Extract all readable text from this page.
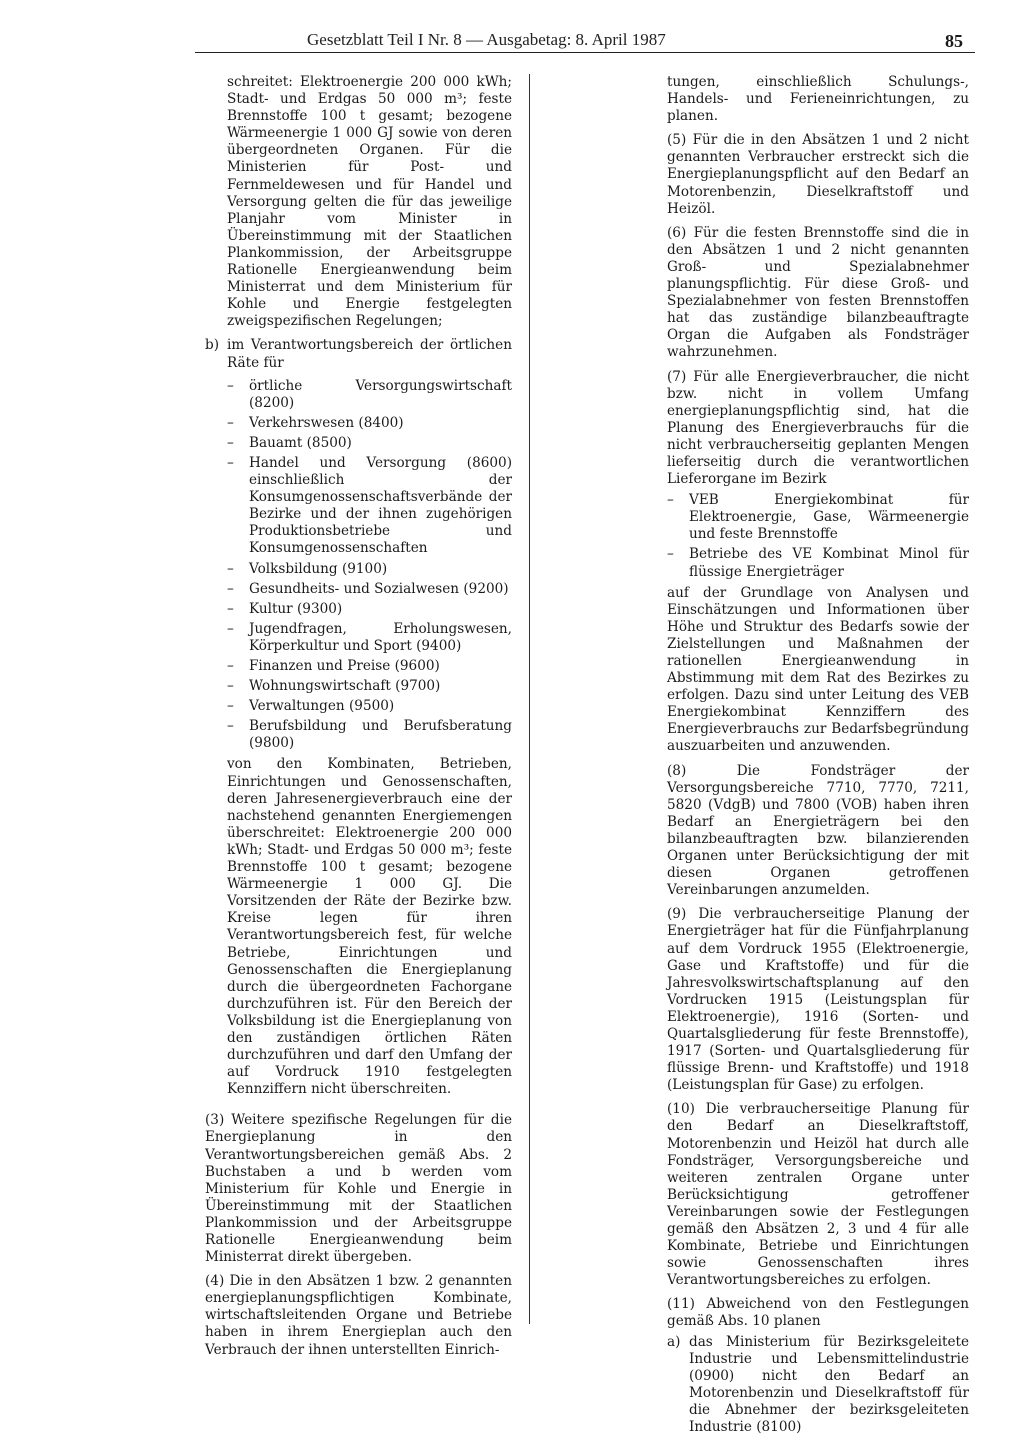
Gesetzblatt Teil I Nr. 8 — Ausgabetag: 8. April 1987	85

schreitet: Elektroenergie 200 000 kWh; Stadt- und Erdgas 50 000 m³; feste Brennstoffe 100 t gesamt; bezogene Wärmeenergie 1 000 GJ sowie von deren übergeordneten Organen. Für die Ministerien für Post- und Fernmeldewesen und für Handel und Versorgung gelten die für das jeweilige Planjahr vom Minister in Übereinstimmung mit der Staatlichen Plankommission, der Arbeitsgruppe Rationelle Energieanwendung beim Ministerrat und dem Ministerium für Kohle und Energie festgelegten zweigspezifischen Regelungen;

b) im Verantwortungsbereich der örtlichen Räte für
– örtliche Versorgungswirtschaft (8200)
– Verkehrswesen (8400)
– Bauamt (8500)
– Handel und Versorgung (8600) einschließlich der Konsumgenossenschaftsverbände der Bezirke und der ihnen zugehörigen Produktionsbetriebe und Konsumgenossenschaften
– Volksbildung (9100)
– Gesundheits- und Sozialwesen (9200)
– Kultur (9300)
– Jugendfragen, Erholungswesen, Körperkultur und Sport (9400)
– Finanzen und Preise (9600)
– Wohnungswirtschaft (9700)
– Verwaltungen (9500)
– Berufsbildung und Berufsberatung (9800)

von den Kombinaten, Betrieben, Einrichtungen und Genossenschaften, deren Jahresenergieverbrauch eine der nachstehend genannten Energiemengen überschreitet: Elektroenergie 200 000 kWh; Stadt- und Erdgas 50 000 m³; feste Brennstoffe 100 t gesamt; bezogene Wärmeenergie 1 000 GJ. Die Vorsitzenden der Räte der Bezirke bzw. Kreise legen für ihren Verantwortungsbereich fest, für welche Betriebe, Einrichtungen und Genossenschaften die Energieplanung durch die übergeordneten Fachorgane durchzuführen ist. Für den Bereich der Volksbildung ist die Energieplanung von den zuständigen örtlichen Räten durchzuführen und darf den Umfang der auf Vordruck 1910 festgelegten Kennziffern nicht überschreiten.

(3) Weitere spezifische Regelungen für die Energieplanung in den Verantwortungsbereichen gemäß Abs. 2 Buchstaben a und b werden vom Ministerium für Kohle und Energie in Übereinstimmung mit der Staatlichen Plankommission und der Arbeitsgruppe Rationelle Energieanwendung beim Ministerrat direkt übergeben.

(4) Die in den Absätzen 1 bzw. 2 genannten energieplanungspflichtigen Kombinate, wirtschaftsleitenden Organe und Betriebe haben in ihrem Energieplan auch den Verbrauch der ihnen unterstellten Einrich-

tungen, einschließlich Schulungs-, Handels- und Ferieneinrichtungen, zu planen.

(5) Für die in den Absätzen 1 und 2 nicht genannten Verbraucher erstreckt sich die Energieplanungspflicht auf den Bedarf an Motorenbenzin, Dieselkraftstoff und Heizöl.

(6) Für die festen Brennstoffe sind die in den Absätzen 1 und 2 nicht genannten Groß- und Spezialabnehmer planungspflichtig. Für diese Groß- und Spezialabnehmer von festen Brennstoffen hat das zuständige bilanzbeauftragte Organ die Aufgaben als Fondsträger wahrzunehmen.

(7) Für alle Energieverbraucher, die nicht bzw. nicht in vollem Umfang energieplanungspflichtig sind, hat die Planung des Energieverbrauchs für die nicht verbraucherseitig geplanten Mengen lieferseitig durch die verantwortlichen Lieferorgane im Bezirk

– VEB Energiekombinat für Elektroenergie, Gase, Wärmeenergie und feste Brennstoffe
– Betriebe des VE Kombinat Minol für flüssige Energieträger

auf der Grundlage von Analysen und Einschätzungen und Informationen über Höhe und Struktur des Bedarfs sowie der Zielstellungen und Maßnahmen der rationellen Energieanwendung in Abstimmung mit dem Rat des Bezirkes zu erfolgen. Dazu sind unter Leitung des VEB Energiekombinat Kennziffern des Energieverbrauchs zur Bedarfsbegründung auszuarbeiten und anzuwenden.

(8) Die Fondsträger der Versorgungsbereiche 7710, 7770, 7211, 5820 (VdgB) und 7800 (VOB) haben ihren Bedarf an Energieträgern bei den bilanzbeauftragten bzw. bilanzierenden Organen unter Berücksichtigung der mit diesen Organen getroffenen Vereinbarungen anzumelden.

(9) Die verbraucherseitige Planung der Energieträger hat für die Fünfjahrplanung auf dem Vordruck 1955 (Elektroenergie, Gase und Kraftstoffe) und für die Jahresvolkswirtschaftsplanung auf den Vordrucken 1915 (Leistungsplan für Elektroenergie), 1916 (Sorten- und Quartalsgliederung für feste Brennstoffe), 1917 (Sorten- und Quartalsgliederung für flüssige Brenn- und Kraftstoffe) und 1918 (Leistungsplan für Gase) zu erfolgen.

(10) Die verbraucherseitige Planung für den Bedarf an Dieselkraftstoff, Motorenbenzin und Heizöl hat durch alle Fondsträger, Versorgungsbereiche und weiteren zentralen Organe unter Berücksichtigung getroffener Vereinbarungen sowie der Festlegungen gemäß den Absätzen 2, 3 und 4 für alle Kombinate, Betriebe und Einrichtungen sowie Genossenschaften ihres Verantwortungsbereiches zu erfolgen.

(11) Abweichend von den Festlegungen gemäß Abs. 10 planen

a) das Ministerium für Bezirksgeleitete Industrie und Lebensmittelindustrie (0900) nicht den Bedarf an Motorenbenzin und Dieselkraftstoff für die Abnehmer der bezirksgeleiteten Industrie (8100)
